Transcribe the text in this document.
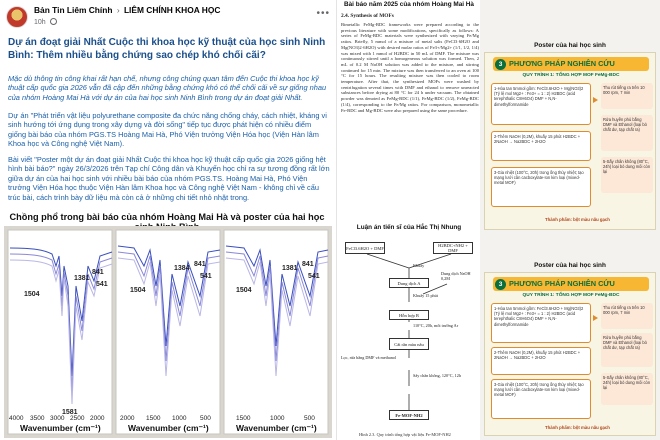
Bản Tin Liêm Chính › LIÊM CHÍNH KHOA HỌC
10h
•••
Dự án đoạt giải Nhất Cuộc thi khoa học kỹ thuật của học sinh Ninh Bình: Thêm nhiều bằng chứng sao chép khó chối cãi?
Mặc dù thông tin công khai rất hạn chế, nhưng công chúng quan tâm đến Cuộc thi khoa học kỹ thuật cấp quốc gia 2026 vẫn đã cập đến những bằng chứng khó có thể chối cãi về sự giống nhau của nhóm Hoàng Mai Hà với dự án của hai học sinh Ninh Bình trong dự án đoạt giải Nhất.
Dự án "Phát triển vật liệu polyurethane composite đa chức năng chống cháy, cách nhiệt, kháng vi sinh hướng tới ứng dụng trong xây dựng và đời sống" tiếp tục được phát hiện có nhiều điểm giống bài báo của nhóm PGS.TS Hoàng Mai Hà, Phó Viện trưởng Viện Hóa học (Viện Hàn lâm Khoa học và Công nghệ Việt Nam).
Bài viết "Poster một dự án đoạt giải Nhất Cuộc thi khoa học kỹ thuật cấp quốc gia 2026 giống hệt hình bài báo?" ngày 26/3/2026 trên Tạp chí Công dân và Khuyến học chỉ ra sự tương đồng rất lớn giữa dự án của hai học sinh với nhiều bài báo của nhóm PGS.TS. Hoàng Mai Hà, Phó Viện trưởng Viện Hóa học thuộc Viện Hàn lâm Khoa học và Công nghệ Việt Nam - không chỉ về cấu trúc bài, cách trình bày dữ liệu mà còn cả ở những chi tiết nhỏ nhặt trong.
Chồng phổ trong bài báo của nhóm Hoàng Mai Hà và poster của hai học
1504
1381
1581
841
541
1504
1384
841
541
1504
1381
841
541
4000 3500 3000 2500 2000 2000 1500 1000 500	1500	1000	500
Wavenumber (cm⁻¹)	Wavenumber (cm⁻¹)	Wavenumber (cm⁻¹)
Bài báo năm 2025 của nhóm Hoàng Mai Hà
2.4. Synthesis of MOFs
Bimetallic FeMg-BDC frameworks were prepared according to the previous literature with some modifications, specifically as follows: A series of FeMg-BDC materials were synthesized with varying Fe/Mg ratios. Briefly, 5 mmol of a mixture of metal salts (FeCl3·6H2O and Mg(NO3)2·6H2O) with desired molar ratios of Fe3+/Mg2+ (1/1, 1/2, 1/4) was mixed with 1 mmol of H2BDC in 50 mL of DMF. The mixture was continuously stirred until a homogeneous solution was formed. Then, 2 mL of 0.2 M NaOH solution was added to the mixture, and stirring continued for 15 min. The mixture was then transferred to an oven at 100 °C for 15 hours. The resulting mixture was then cooled to room temperature. After that, the synthesized MOFs were washed by centrifugation several times with DMF and ethanol to remove unreacted substances before drying at 80 °C for 24 h under vacuum. The obtained powder was denoted as FeMg-BDC (1/1), FeMg-BDC (1/2), FeMg-BDC (1/4), corresponding to the Fe/Mg ratios. For comparison, monometallic Fe-BDC and Mg-BDC were also prepared using the same procedure.
Luận án tiến sĩ của Hắc Thị Nhung
FeCl3.6H2O + DMF	H2BDC+NH2 + DMF
Khuấy
Dung dịch A
Dung dịch NaOH 0,2M
Khuấy 15 phút
Hỗn hợp B
110°C, 20h, môi trường Ar
Cất rắn màu nâu
Lọc, rửa bằng DMF và methanol
Sấy chân không, 120°C, 12h
Fe-MOF-NH2
Hình 2.3. Quy trình tổng hợp vật liệu Fe-MOF-NH2
Poster của hai học sinh
3 PHƯƠNG PHÁP NGHIÊN CỨU
QUY TRÌNH 1: TỔNG HỢP MOF FeMg-BDC
1-Hòa tan 5mmol gồm: FeCl3.6H2O + Mg(NO3)2 (Tỷ lệ mol Mg2+ : Fe3+ = 1 : 2) H2BDC (acid terephthalic C8H6O4) DMF + N,N-dimethylformamide
Thu rút tiếng ra trên 10 000 rpm, 7 min
2-Thêm NaOH (0,2M), khuấy 15 phút H2BDC + 2NaOH → Na2BDC + 2H2O
Rửa huyền phù bằng DMF và Ethanol (loại bỏ chất dư, tạp chất ra)
3-Gia nhiệt (100°C, 20h) trong ống thủy nhiệt; tạo mạng lưới cân cacboxylate-Ion kim loại (mixed-metal MOF)
5-Sấy chân không (80°C, 24h) loại bỏ dung môi còn lại
Thành phẩm: bột màu nâu gạch
Poster của hai học sinh
3 PHƯƠNG PHÁP NGHIÊN CỨU
QUY TRÌNH 1: TỔNG HỢP MOF FeMg-BDC
1-Hòa tan 5mmol gồm: FeCl3.6H2O + Mg(NO3)2 (Tỷ lệ mol Mg2+ : Fe3+ = 1 : 2) H2BDC (acid terephthalic C8H6O4) DMF + N,N-dimethylformamide
Thu rút tiếng ra trên 10 000 rpm, 7 min
2-Thêm NaOH (0,2M), khuấy 15 phút H2BDC + 2NaOH → Na2BDC + 2H2O
Rửa huyền phù bằng DMF và Ethanol (loại bỏ chất dư, tạp chất ra)
3-Gia nhiệt (100°C, 20h) trong ống thủy nhiệt; tạo mạng lưới cân cacboxylate-Ion kim loại (mixed-metal MOF)
5-Sấy chân không (80°C, 24h) loại bỏ dung môi còn lại
Thành phẩm: bột màu nâu gạch
